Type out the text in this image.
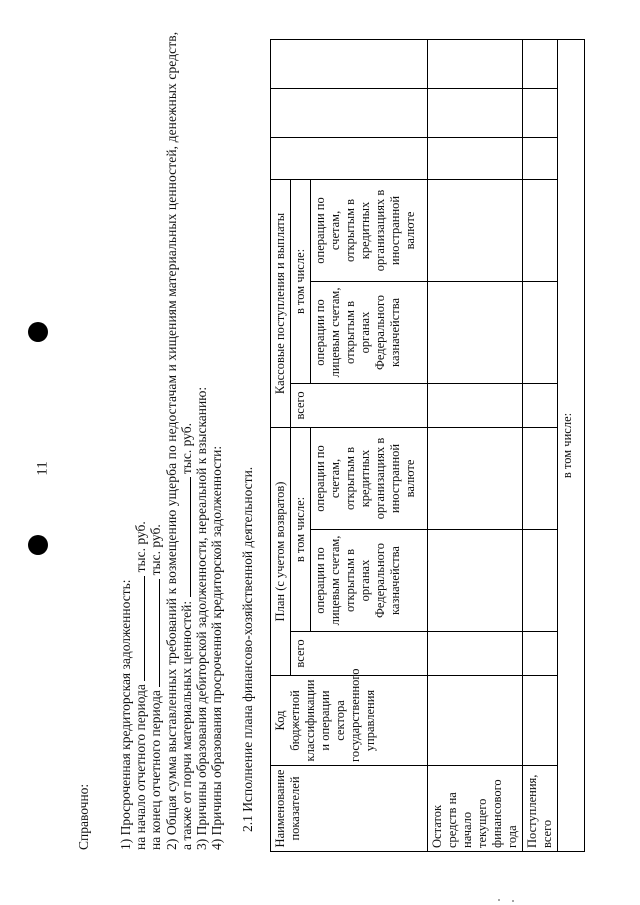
11
Справочно: 1) Просроченная кредиторская задолженность: на начало отчетного периода  тыс. руб.
на конец отчетного периода  тыс. руб. 2) Общая сумма выставленных требований к возмещению ущерба по недостачам и хищениям материальных ценностей, денежных средств, а также от порчи материальных ценностей:  тыс. руб. 3) Причины образования дебиторской задолженности, нереальной к взысканию: 4) Причины образования просроченной кредиторской задолженности: 2.1 Исполнение плана финансово-хозяйственной деятельности. Наименование показателей	Код бюджетной классификации и операции сектора государственного управления	План (с учетом возвратов)			Кассовые поступления и выплаты					
		всего	в том числе:		всего	в том числе:				
			операции по лицевым счетам, открытым в органах Федерального казначейства	операции по счетам, открытым в кредитных организациях в иностранной валюте		операции по лицевым счетам, открытым в органах Федерального казначейства	операции по счетам, открытым в кредитных организациях в иностранной валюте			
Остаток средств на начало текущего финансового года										
Поступления, всего										
в том числе:										
